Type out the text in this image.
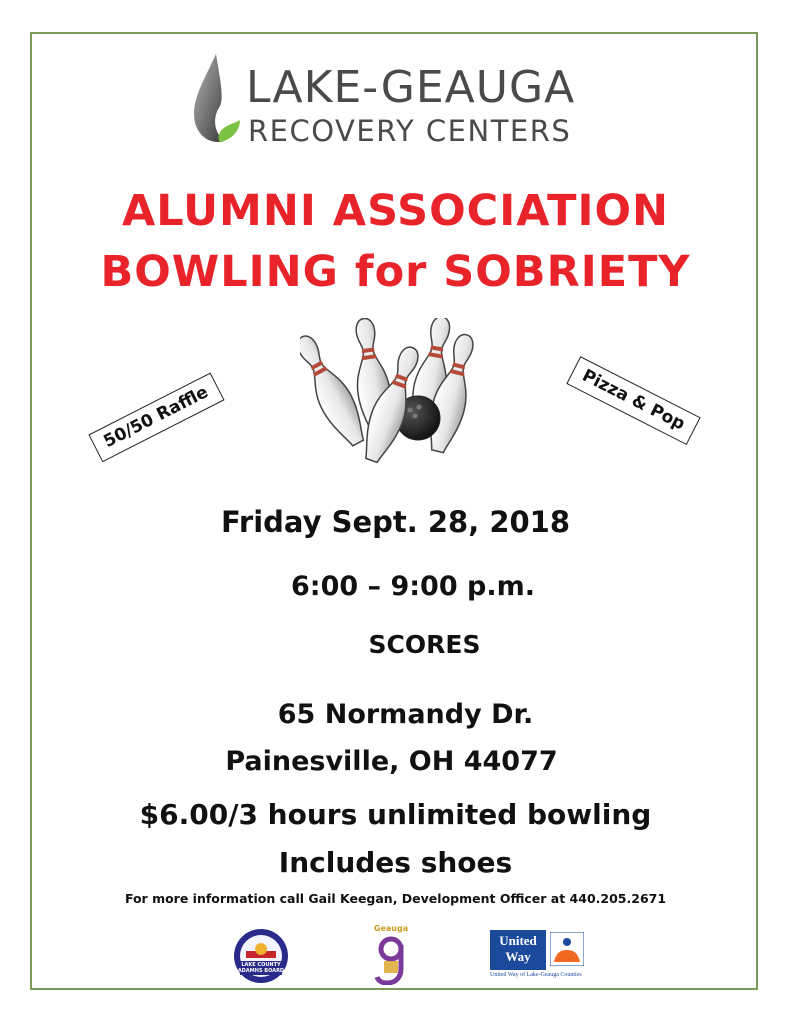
LAKE-GEAUGA
RECOVERY CENTERS
ALUMNI ASSOCIATION
BOWLING for SOBRIETY
50/50 Raffle	Pizza & Pop
Friday Sept. 28, 2018
6:00 – 9:00 p.m.
SCORES
65 Normandy Dr.
Painesville, OH 44077
$6.00/3 hours unlimited bowling
Includes shoes
For more information call Gail Keegan, Development Officer at 440.205.2671
LAKE COUNTY ADAMHS BOARD
Geauga
United Way
United Way of Lake-Geauga Counties
